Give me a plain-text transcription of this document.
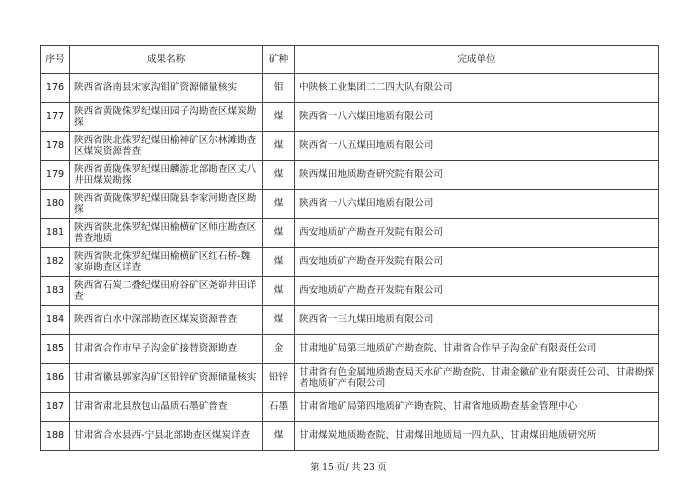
序号	成果名称	矿种	完成单位
176	陕西省洛南县宋家沟钼矿资源储量核实	钼	中陕核工业集团二二四大队有限公司
177	陕西省黄陇侏罗纪煤田园子沟勘查区煤炭勘探	煤	陕西省一八六煤田地质有限公司
178	陕西省陕北侏罗纪煤田榆神矿区尔林滩勘查区煤炭资源普查	煤	陕西省一八五煤田地质有限公司
179	陕西省黄陇侏罗纪煤田麟游北部勘查区丈八井田煤炭勘探	煤	陕西煤田地质勘查研究院有限公司
180	陕西省黄陇侏罗纪煤田陇县李家河勘查区勘探	煤	陕西省一八六煤田地质有限公司
181	陕西省陕北侏罗纪煤田榆横矿区师庄勘查区普查地质	煤	西安地质矿产勘查开发院有限公司
182	陕西省陕北侏罗纪煤田榆横矿区红石桥-魏家峁勘查区详查	煤	西安地质矿产勘查开发院有限公司
183	陕西省石炭二叠纪煤田府谷矿区尧峁井田详查	煤	西安地质矿产勘查开发院有限公司
184	陕西省白水中深部勘查区煤炭资源普查	煤	陕西省一三九煤田地质有限公司
185	甘肃省合作市早子沟金矿接替资源勘查	金	甘肃地矿局第三地质矿产勘查院、甘肃省合作早子沟金矿有限责任公司
186	甘肃省徽县郭家沟矿区铅锌矿资源储量核实	铅锌	甘肃省有色金属地质勘查局天水矿产勘查院、甘肃金徽矿业有限责任公司、甘肃勘探者地质矿产有限公司
187	甘肃省肃北县敖包山晶质石墨矿普查	石墨	甘肃省地矿局第四地质矿产勘查院、甘肃省地质勘查基金管理中心
188	甘肃省合水县西-宁县北部勘查区煤炭详查	煤	甘肃煤炭地质勘查院、甘肃煤田地质局一四九队、甘肃煤田地质研究所
第 15 页/ 共 23 页
